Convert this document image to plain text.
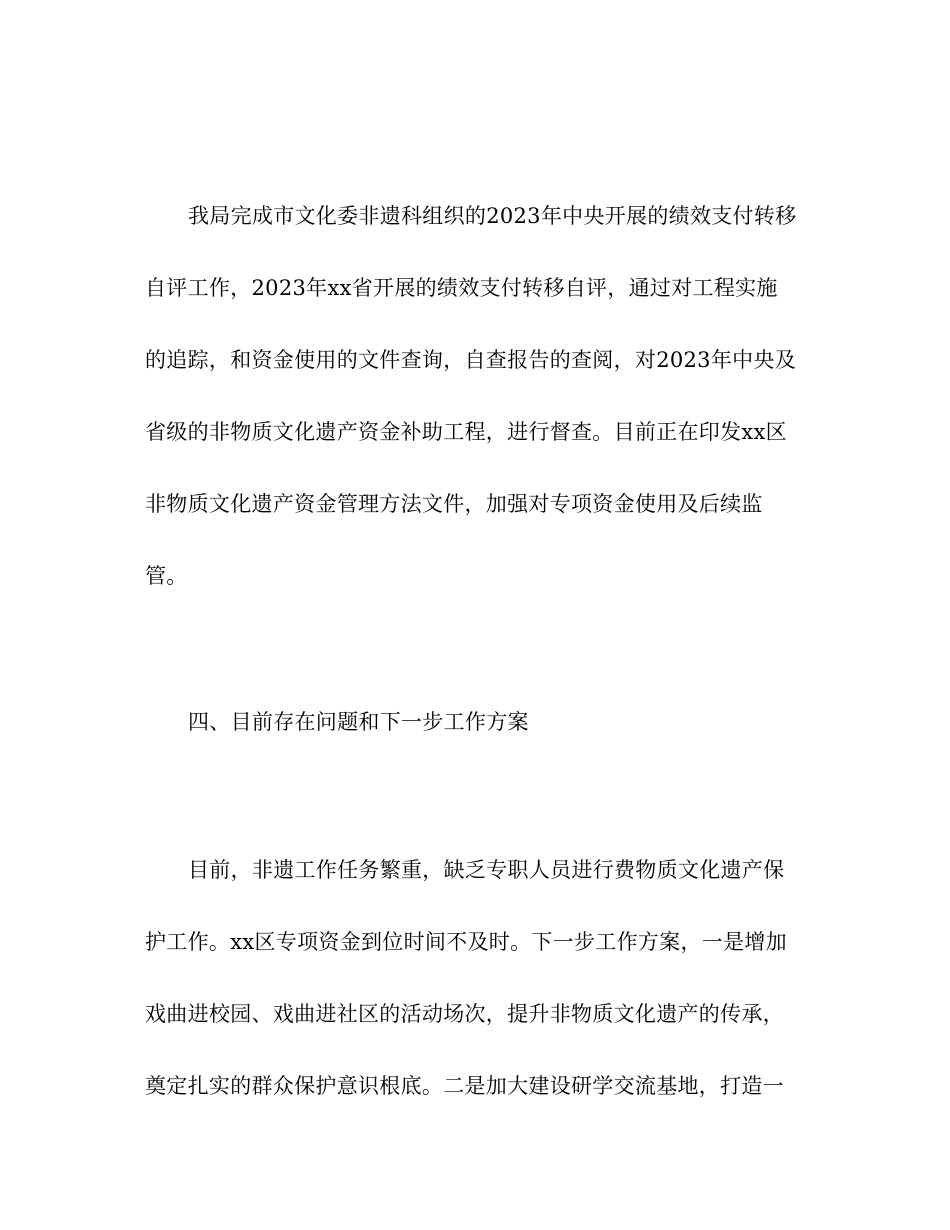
我局完成市文化委非遗科组织的2023年中央开展的绩效支付转移
自评工作，2023年xx省开展的绩效支付转移自评，通过对工程实施
的追踪，和资金使用的文件查询，自查报告的查阅，对2023年中央及
省级的非物质文化遗产资金补助工程，进行督查。目前正在印发xx区
非物质文化遗产资金管理方法文件，加强对专项资金使用及后续监
管。
四、目前存在问题和下一步工作方案
目前，非遗工作任务繁重，缺乏专职人员进行费物质文化遗产保
护工作。xx区专项资金到位时间不及时。下一步工作方案，一是增加
戏曲进校园、戏曲进社区的活动场次，提升非物质文化遗产的传承，
奠定扎实的群众保护意识根底。二是加大建设研学交流基地，打造一
